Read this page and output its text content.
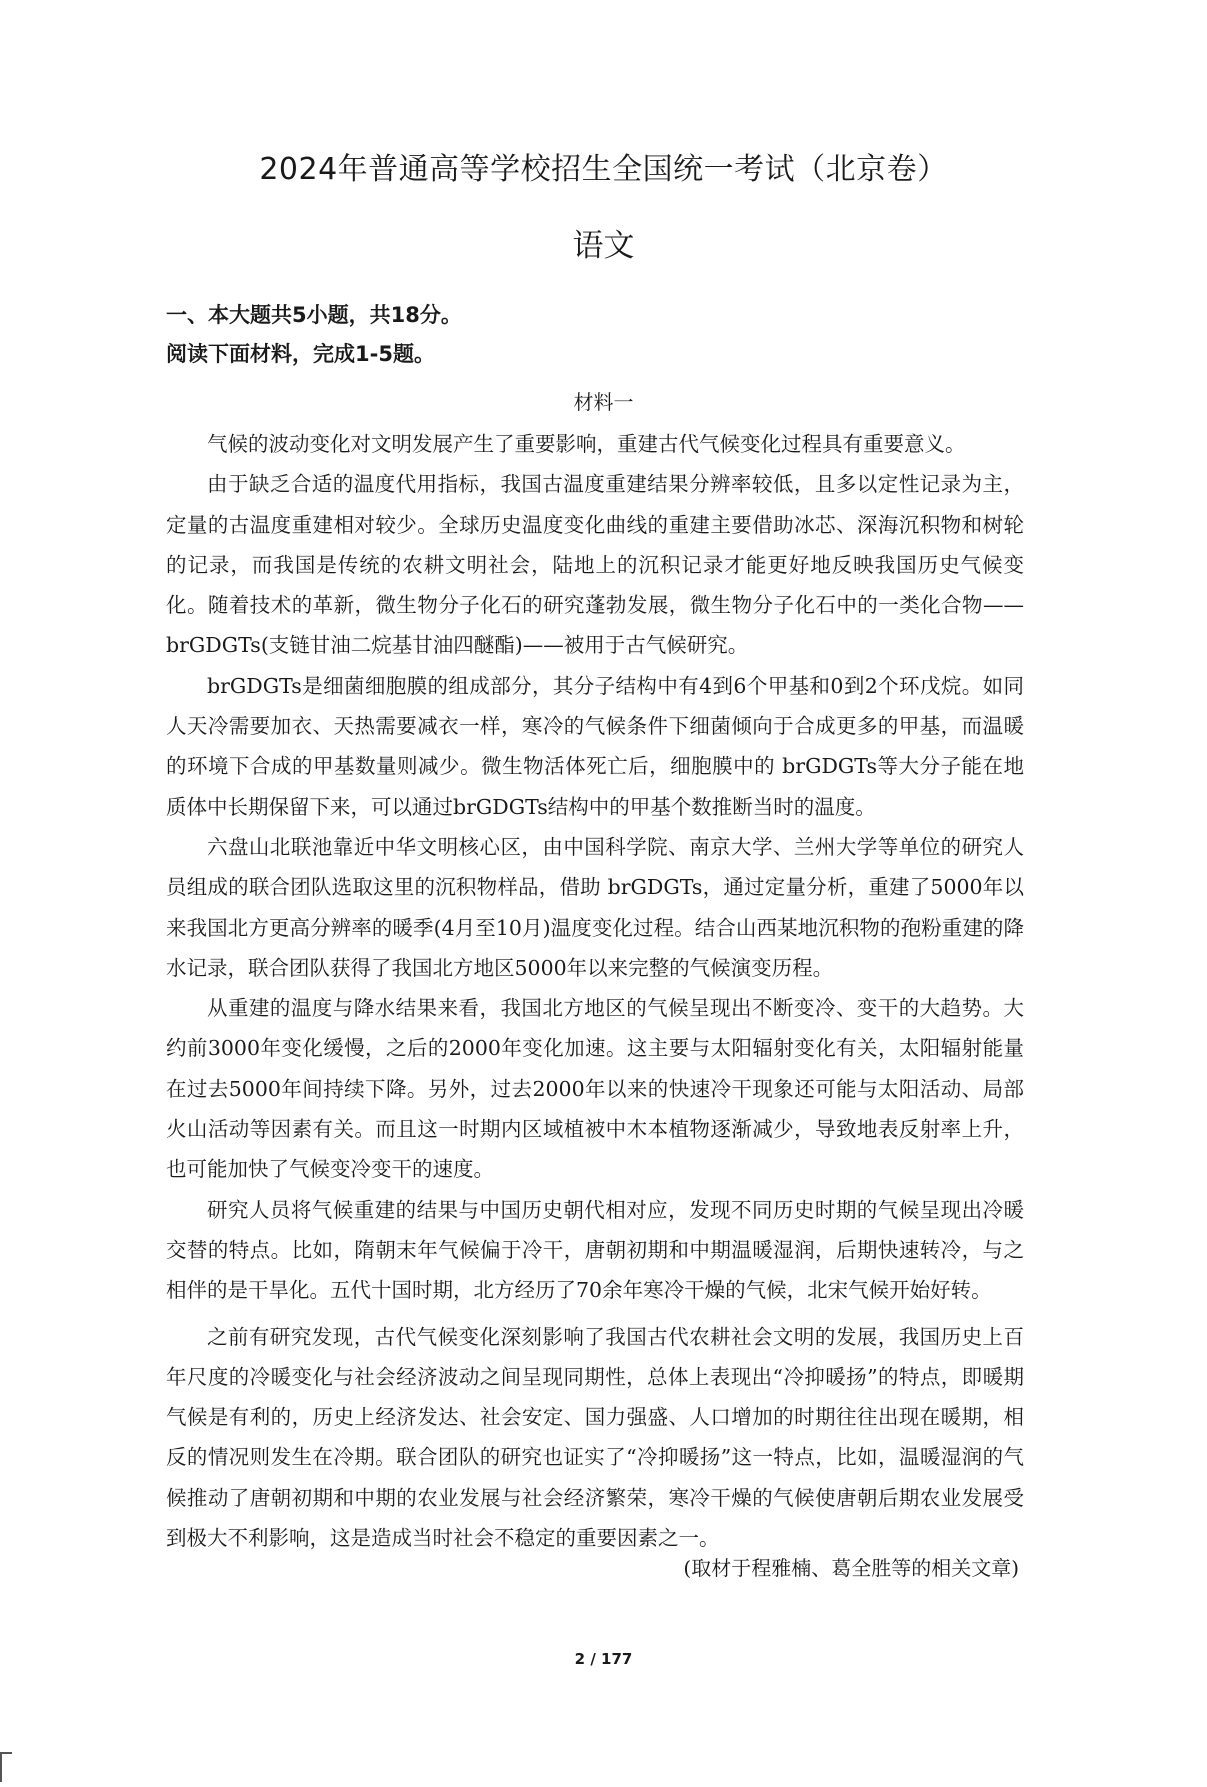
2024年普通高等学校招生全国统一考试（北京卷）
语文
一、本大题共5小题，共18分。
阅读下面材料，完成1-5题。
材料一

气候的波动变化对文明发展产生了重要影响，重建古代气候变化过程具有重要意义。

由于缺乏合适的温度代用指标，我国古温度重建结果分辨率较低，且多以定性记录为主，定量的古温度重建相对较少。全球历史温度变化曲线的重建主要借助冰芯、深海沉积物和树轮的记录，而我国是传统的农耕文明社会，陆地上的沉积记录才能更好地反映我国历史气候变化。随着技术的革新，微生物分子化石的研究蓬勃发展，微生物分子化石中的一类化合物——brGDGTs(支链甘油二烷基甘油四醚酯)——被用于古气候研究。

brGDGTs是细菌细胞膜的组成部分，其分子结构中有4到6个甲基和0到2个环戊烷。如同人天冷需要加衣、天热需要减衣一样，寒冷的气候条件下细菌倾向于合成更多的甲基，而温暖的环境下合成的甲基数量则减少。微生物活体死亡后，细胞膜中的 brGDGTs等大分子能在地质体中长期保留下来，可以通过brGDGTs结构中的甲基个数推断当时的温度。

六盘山北联池靠近中华文明核心区，由中国科学院、南京大学、兰州大学等单位的研究人员组成的联合团队选取这里的沉积物样品，借助 brGDGTs，通过定量分析，重建了5000年以来我国北方更高分辨率的暖季(4月至10月)温度变化过程。结合山西某地沉积物的孢粉重建的降水记录，联合团队获得了我国北方地区5000年以来完整的气候演变历程。

从重建的温度与降水结果来看，我国北方地区的气候呈现出不断变冷、变干的大趋势。大约前3000年变化缓慢，之后的2000年变化加速。这主要与太阳辐射变化有关，太阳辐射能量在过去5000年间持续下降。另外，过去2000年以来的快速冷干现象还可能与太阳活动、局部火山活动等因素有关。而且这一时期内区域植被中木本植物逐渐减少，导致地表反射率上升，也可能加快了气候变冷变干的速度。

研究人员将气候重建的结果与中国历史朝代相对应，发现不同历史时期的气候呈现出冷暖交替的特点。比如，隋朝末年气候偏于冷干，唐朝初期和中期温暖湿润，后期快速转冷，与之相伴的是干旱化。五代十国时期，北方经历了70余年寒冷干燥的气候，北宋气候开始好转。

之前有研究发现，古代气候变化深刻影响了我国古代农耕社会文明的发展，我国历史上百年尺度的冷暖变化与社会经济波动之间呈现同期性，总体上表现出“冷抑暖扬”的特点，即暖期气候是有利的，历史上经济发达、社会安定、国力强盛、人口增加的时期往往出现在暖期，相反的情况则发生在冷期。联合团队的研究也证实了“冷抑暖扬”这一特点，比如，温暖湿润的气候推动了唐朝初期和中期的农业发展与社会经济繁荣，寒冷干燥的气候使唐朝后期农业发展受到极大不利影响，这是造成当时社会不稳定的重要因素之一。

(取材于程雅楠、葛全胜等的相关文章)
2 / 177
